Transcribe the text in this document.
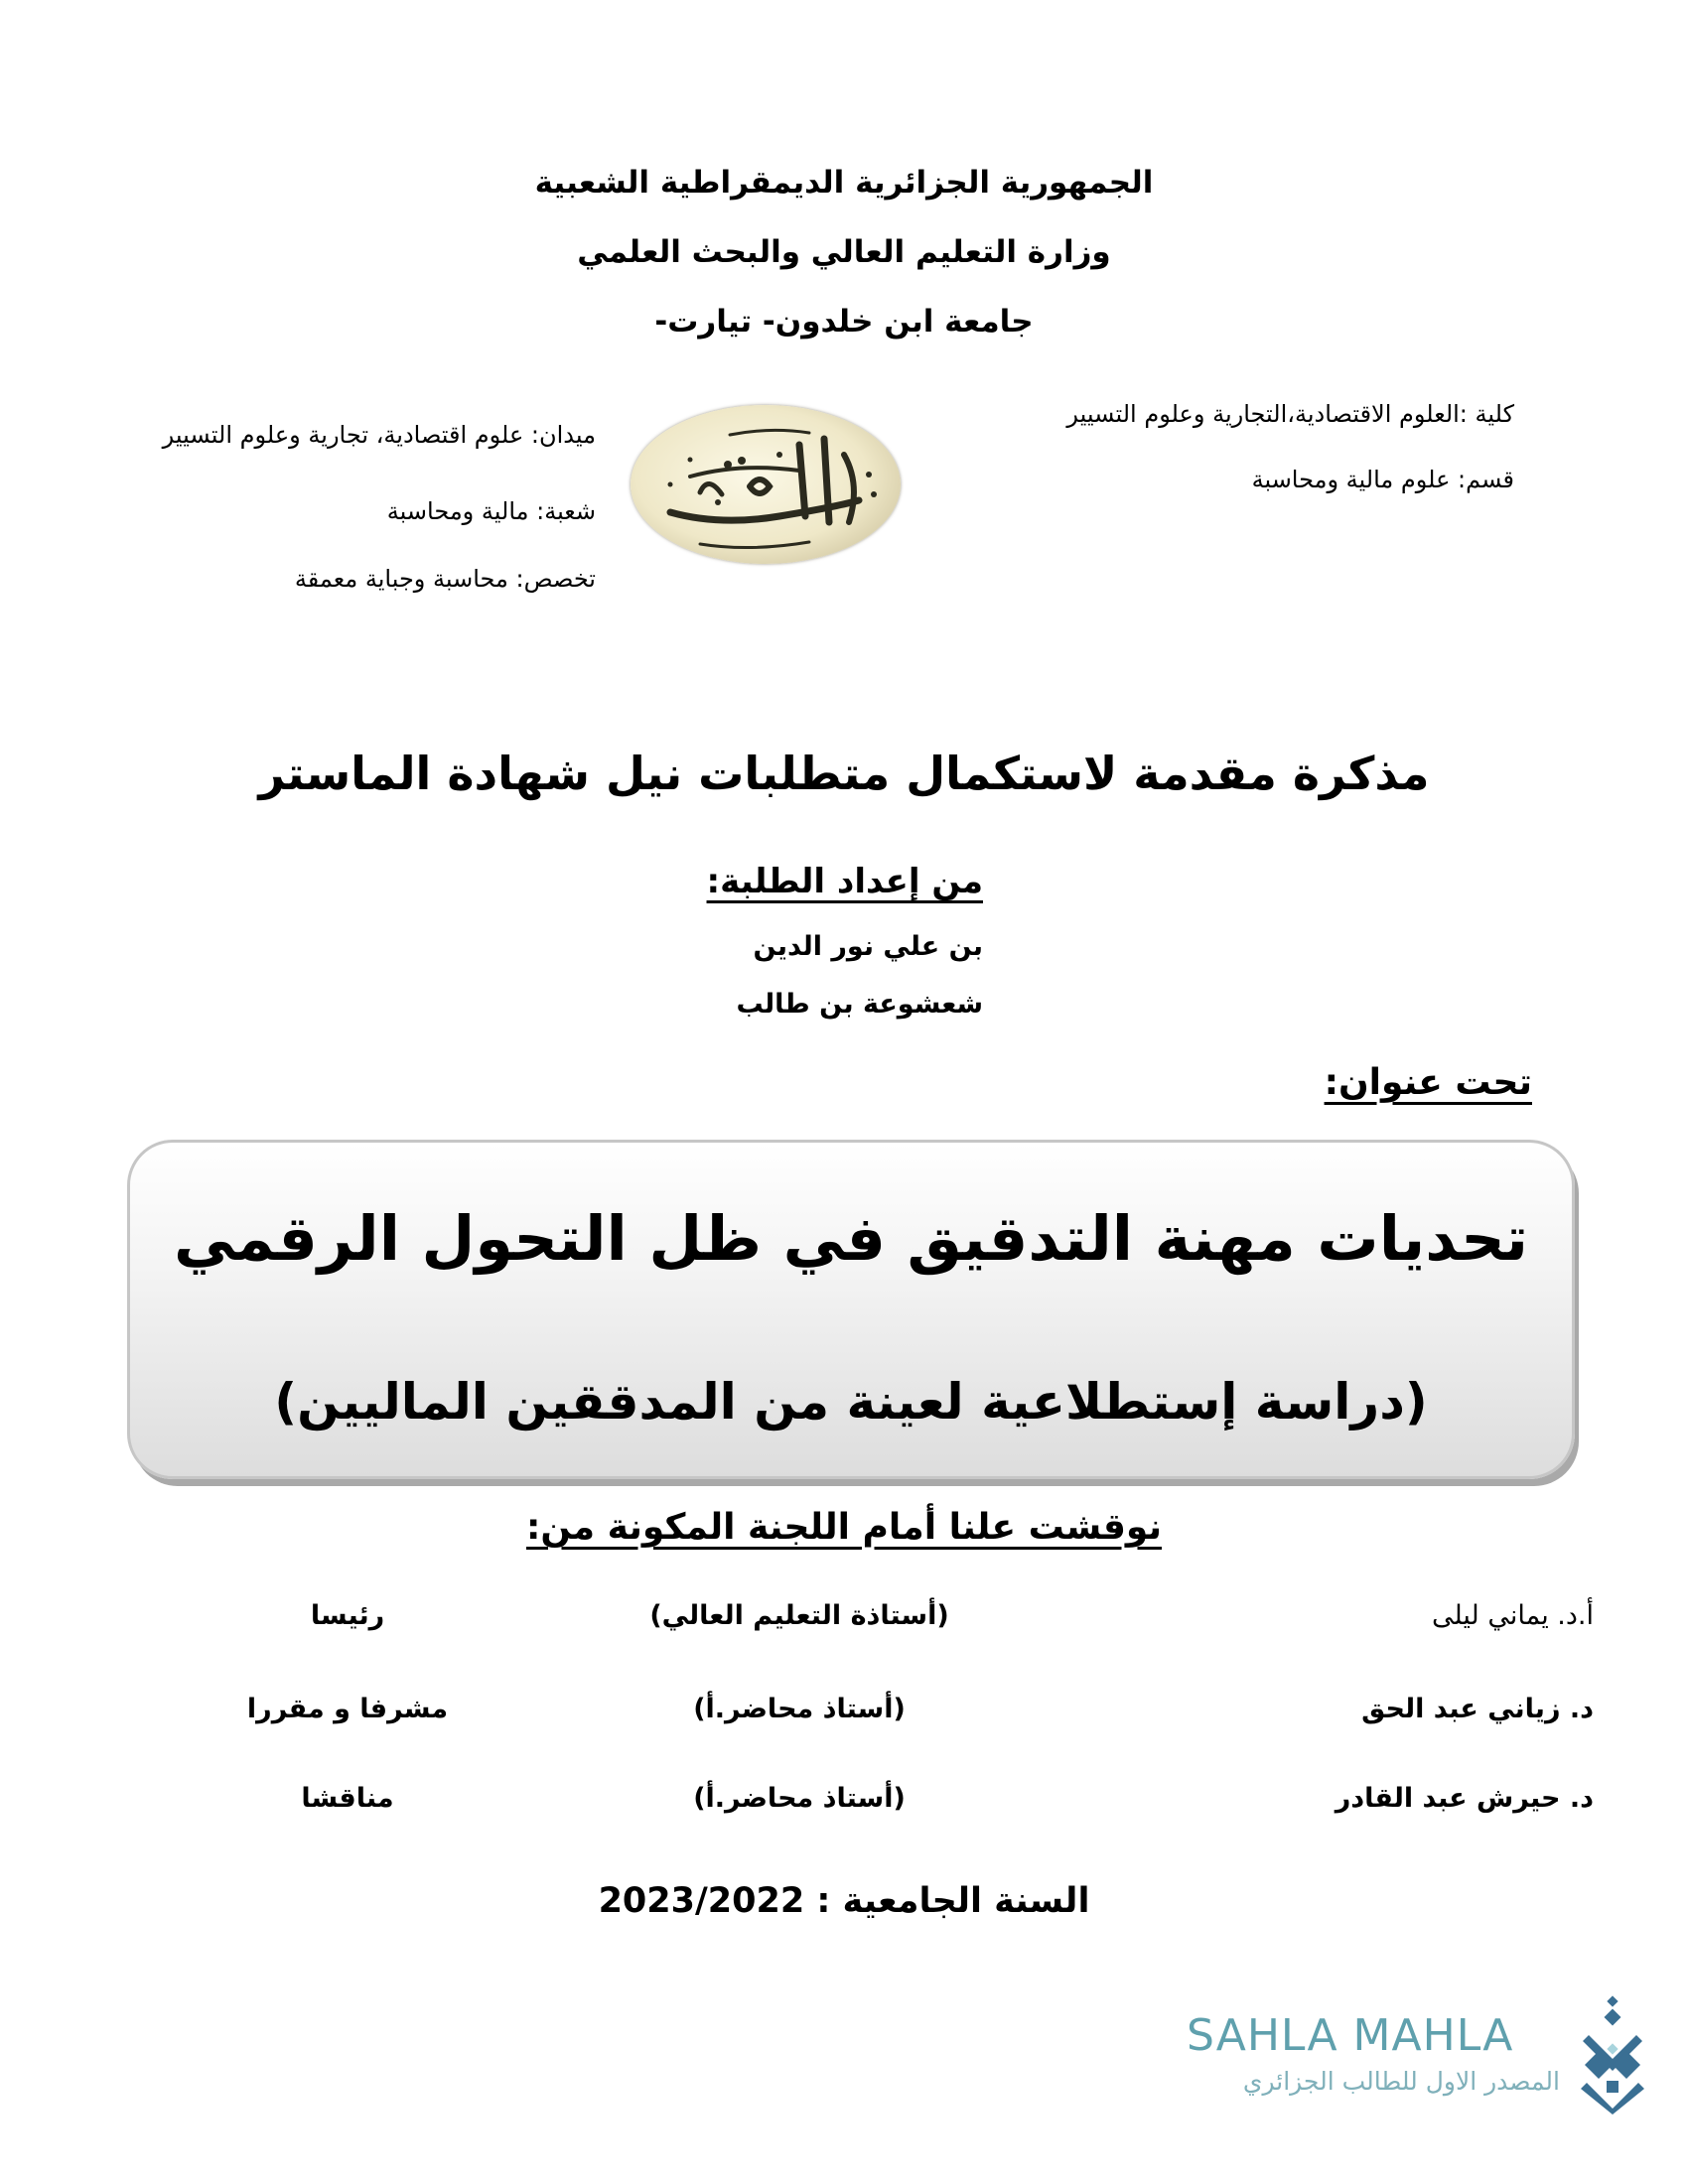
الجمهورية الجزائرية الديمقراطية الشعبية
وزارة التعليم العالي والبحث العلمي
جامعة ابن خلدون- تيارت-
كلية :العلوم الاقتصادية،التجارية وعلوم التسيير
قسم: علوم مالية ومحاسبة
ميدان: علوم اقتصادية، تجارية وعلوم التسيير
شعبة: مالية ومحاسبة
تخصص: محاسبة وجباية معمقة
مذكرة مقدمة لاستكمال متطلبات نيل شهادة الماستر
من إعداد الطلبة:
بن علي نور الدين
شعشوعة بن طالب
تحت عنوان:
تحديات مهنة التدقيق في ظل التحول الرقمي
(دراسة إستطلاعية لعينة من المدققين الماليين)
نوقشت علنا أمام اللجنة المكونة من:
أ.د. يماني ليلى
(أستاذة التعليم العالي)
رئيسا
د. زياني عبد الحق
(أستاذ محاضر.أ)
مشرفا و مقررا
د. حيرش عبد القادر
(أستاذ محاضر.أ)
مناقشا
السنة الجامعية : 2023/2022
SAHLA MAHLA
المصدر الاول للطالب الجزائري
